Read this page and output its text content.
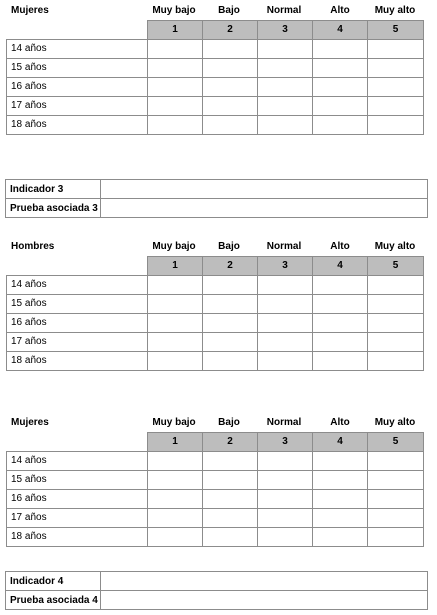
Mujeres	Muy bajo	Bajo	Normal	Alto	Muy alto
	1	2	3	4	5
14 años					
15 años					
16 años					
17 años					
18 años					
Hombres	Muy bajo	Bajo	Normal	Alto	Muy alto
	1	2	3	4	5
14 años					
15 años					
16 años					
17 años					
18 años					
Mujeres	Muy bajo	Bajo	Normal	Alto	Muy alto
	1	2	3	4	5
14 años					
15 años					
16 años					
17 años					
18 años					
Indicador 3	
Prueba asociada 3	
Indicador 4	
Prueba asociada 4	
